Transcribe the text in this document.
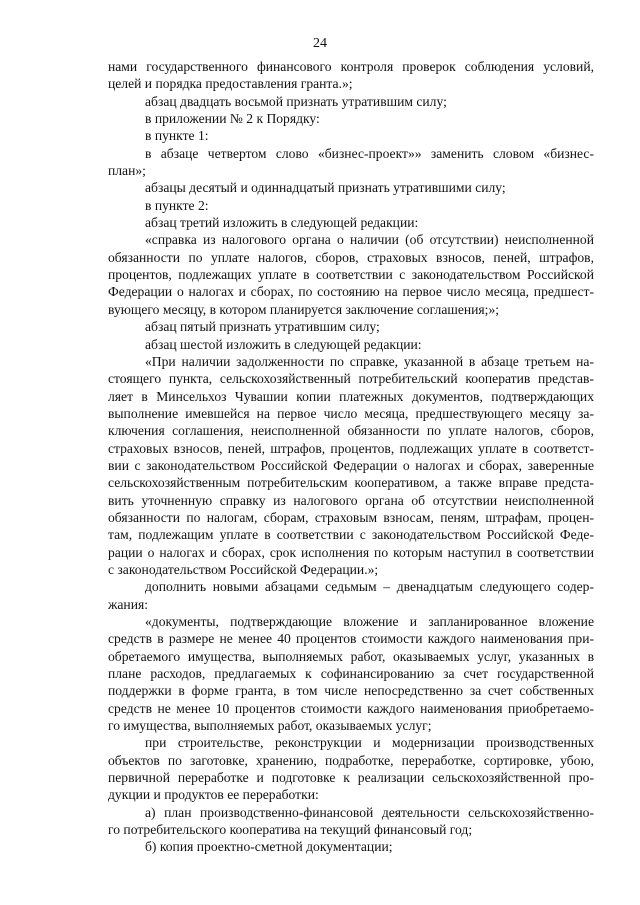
24
нами государственного финансового контроля проверок соблюдения условий,
целей и порядка предоставления гранта.»;
абзац двадцать восьмой признать утратившим силу;
в приложении № 2 к Порядку:
в пункте 1:
в абзаце четвертом слово «бизнес-проект»» заменить словом «бизнес-
план»;
абзацы десятый и одиннадцатый признать утратившими силу;
в пункте 2:
абзац третий изложить в следующей редакции:
«справка из налогового органа о наличии (об отсутствии) неисполненной
обязанности по уплате налогов, сборов, страховых взносов, пеней, штрафов,
процентов, подлежащих уплате в соответствии с законодательством Российской
Федерации о налогах и сборах, по состоянию на первое число месяца, предшест-
вующего месяцу, в котором планируется заключение соглашения;»;
абзац пятый признать утратившим силу;
абзац шестой изложить в следующей редакции:
«При наличии задолженности по справке, указанной в абзаце третьем на-
стоящего пункта, сельскохозяйственный потребительский кооператив представ-
ляет в Минсельхоз Чувашии копии платежных документов, подтверждающих
выполнение имевшейся на первое число месяца, предшествующего месяцу за-
ключения соглашения, неисполненной обязанности по уплате налогов, сборов,
страховых взносов, пеней, штрафов, процентов, подлежащих уплате в соответст-
вии с законодательством Российской Федерации о налогах и сборах, заверенные
сельскохозяйственным потребительским кооперативом, а также вправе предста-
вить уточненную справку из налогового органа об отсутствии неисполненной
обязанности по налогам, сборам, страховым взносам, пеням, штрафам, процен-
там, подлежащим уплате в соответствии с законодательством Российской Феде-
рации о налогах и сборах, срок исполнения по которым наступил в соответствии
с законодательством Российской Федерации.»;
дополнить новыми абзацами седьмым – двенадцатым следующего содер-
жания:
«документы, подтверждающие вложение и запланированное вложение
средств в размере не менее 40 процентов стоимости каждого наименования при-
обретаемого имущества, выполняемых работ, оказываемых услуг, указанных в
плане расходов, предлагаемых к софинансированию за счет государственной
поддержки в форме гранта, в том числе непосредственно за счет собственных
средств не менее 10 процентов стоимости каждого наименования приобретаемо-
го имущества, выполняемых работ, оказываемых услуг;
при строительстве, реконструкции и модернизации производственных
объектов по заготовке, хранению, подработке, переработке, сортировке, убою,
первичной переработке и подготовке к реализации сельскохозяйственной про-
дукции и продуктов ее переработки:
а) план производственно-финансовой деятельности сельскохозяйственно-
го потребительского кооператива на текущий финансовый год;
б) копия проектно-сметной документации;
